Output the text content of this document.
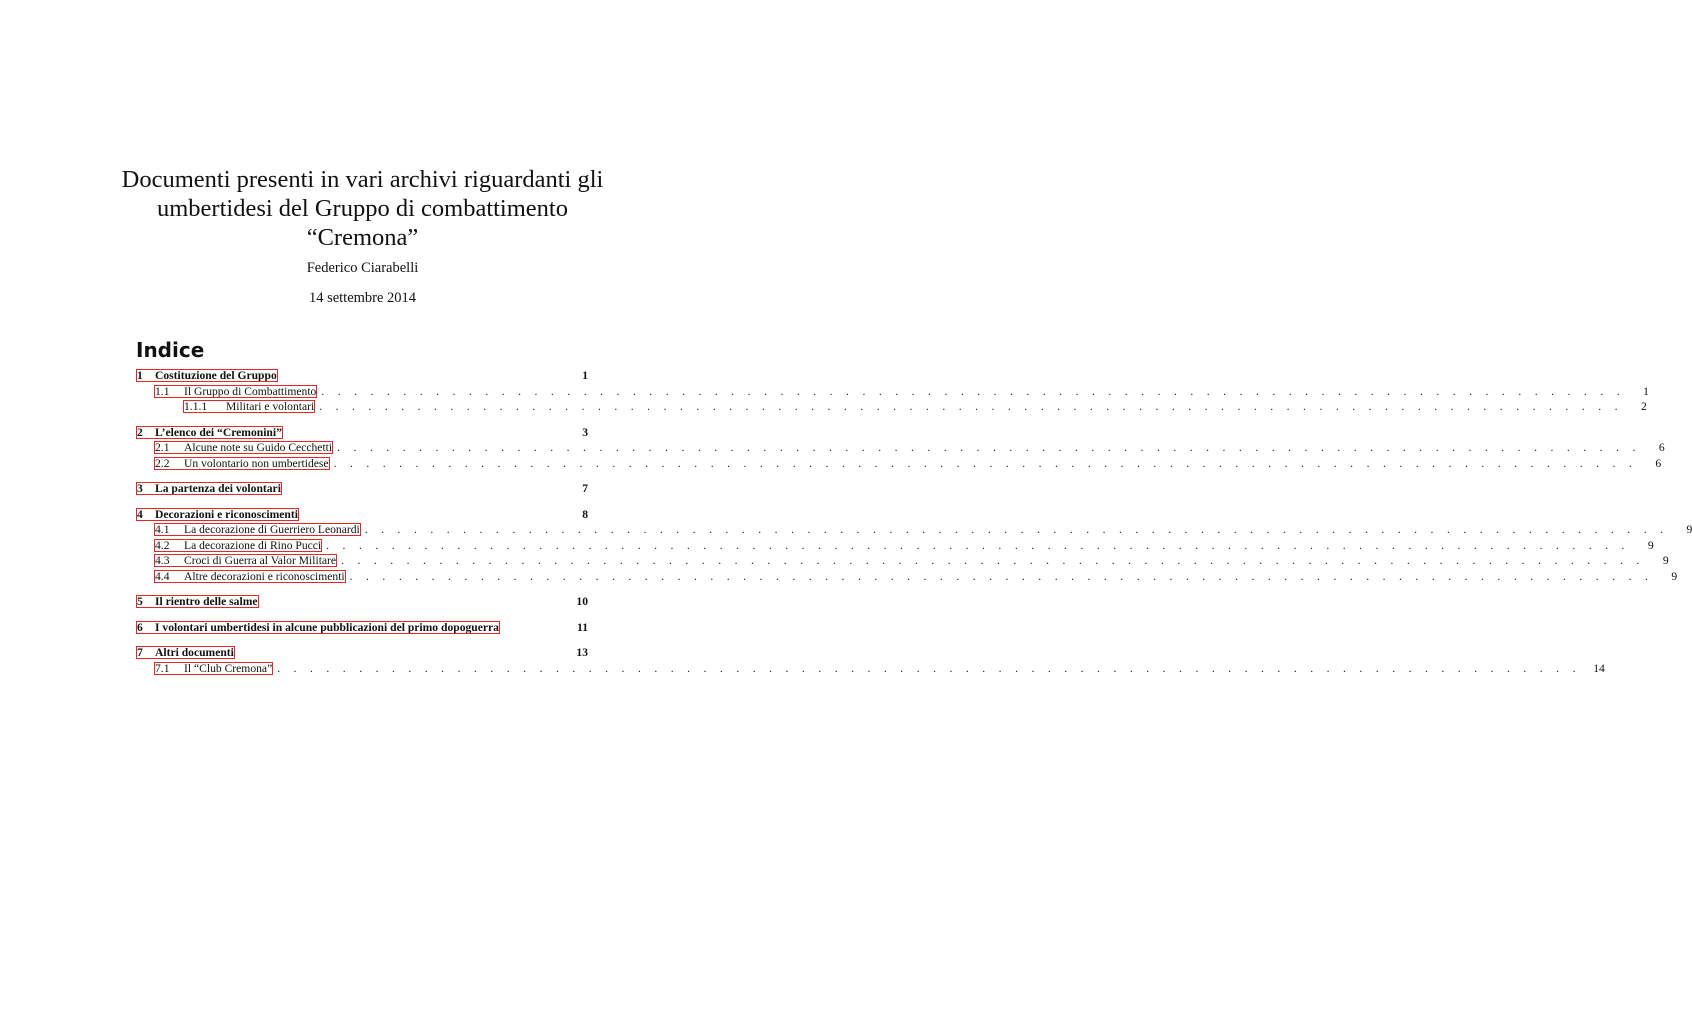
Documenti presenti in vari archivi riguardanti gli
umbertidesi del Gruppo di combattimento
“Cremona”
Federico Ciarabelli
14 settembre 2014
Indice
1	Costituzione del Gruppo	1
1.1	Il Gruppo di Combattimento . . . . . . . . . . . . . . . . . . . . . . . . . . . . . . . . . . . . . . . . . . . . . . . . . . . . . . . . . . . . . . . . . . . . . . . . . . . . . . . .	1
1.1.1	Militari e volontari . . . . . . . . . . . . . . . . . . . . . . . . . . . . . . . . . . . . . . . . . . . . . . . . . . . . . . . . . . . . . . . . . . . . . . . . . . . . . . . .	2
2	L’elenco dei “Cremonini”	3
2.1	Alcune note su Guido Cecchetti . . . . . . . . . . . . . . . . . . . . . . . . . . . . . . . . . . . . . . . . . . . . . . . . . . . . . . . . . . . . . . . . . . . . . . . . . . . . . . . .	6
2.2	Un volontario non umbertidese . . . . . . . . . . . . . . . . . . . . . . . . . . . . . . . . . . . . . . . . . . . . . . . . . . . . . . . . . . . . . . . . . . . . . . . . . . . . . . . .	6
3	La partenza dei volontari	7
4	Decorazioni e riconoscimenti	8
4.1	La decorazione di Guerriero Leonardi . . . . . . . . . . . . . . . . . . . . . . . . . . . . . . . . . . . . . . . . . . . . . . . . . . . . . . . . . . . . . . . . . . . . . . . . . . . . . . . .	9
4.2	La decorazione di Rino Pucci . . . . . . . . . . . . . . . . . . . . . . . . . . . . . . . . . . . . . . . . . . . . . . . . . . . . . . . . . . . . . . . . . . . . . . . . . . . . . . . .	9
4.3	Croci di Guerra al Valor Militare . . . . . . . . . . . . . . . . . . . . . . . . . . . . . . . . . . . . . . . . . . . . . . . . . . . . . . . . . . . . . . . . . . . . . . . . . . . . . . . .	9
4.4	Altre decorazioni e riconoscimenti . . . . . . . . . . . . . . . . . . . . . . . . . . . . . . . . . . . . . . . . . . . . . . . . . . . . . . . . . . . . . . . . . . . . . . . . . . . . . . . .	9
5	Il rientro delle salme	10
6	I volontari umbertidesi in alcune pubblicazioni del primo dopoguerra	11
7	Altri documenti	13
7.1	Il “Club Cremona” . . . . . . . . . . . . . . . . . . . . . . . . . . . . . . . . . . . . . . . . . . . . . . . . . . . . . . . . . . . . . . . . . . . . . . . . . . . . . . . .	14
